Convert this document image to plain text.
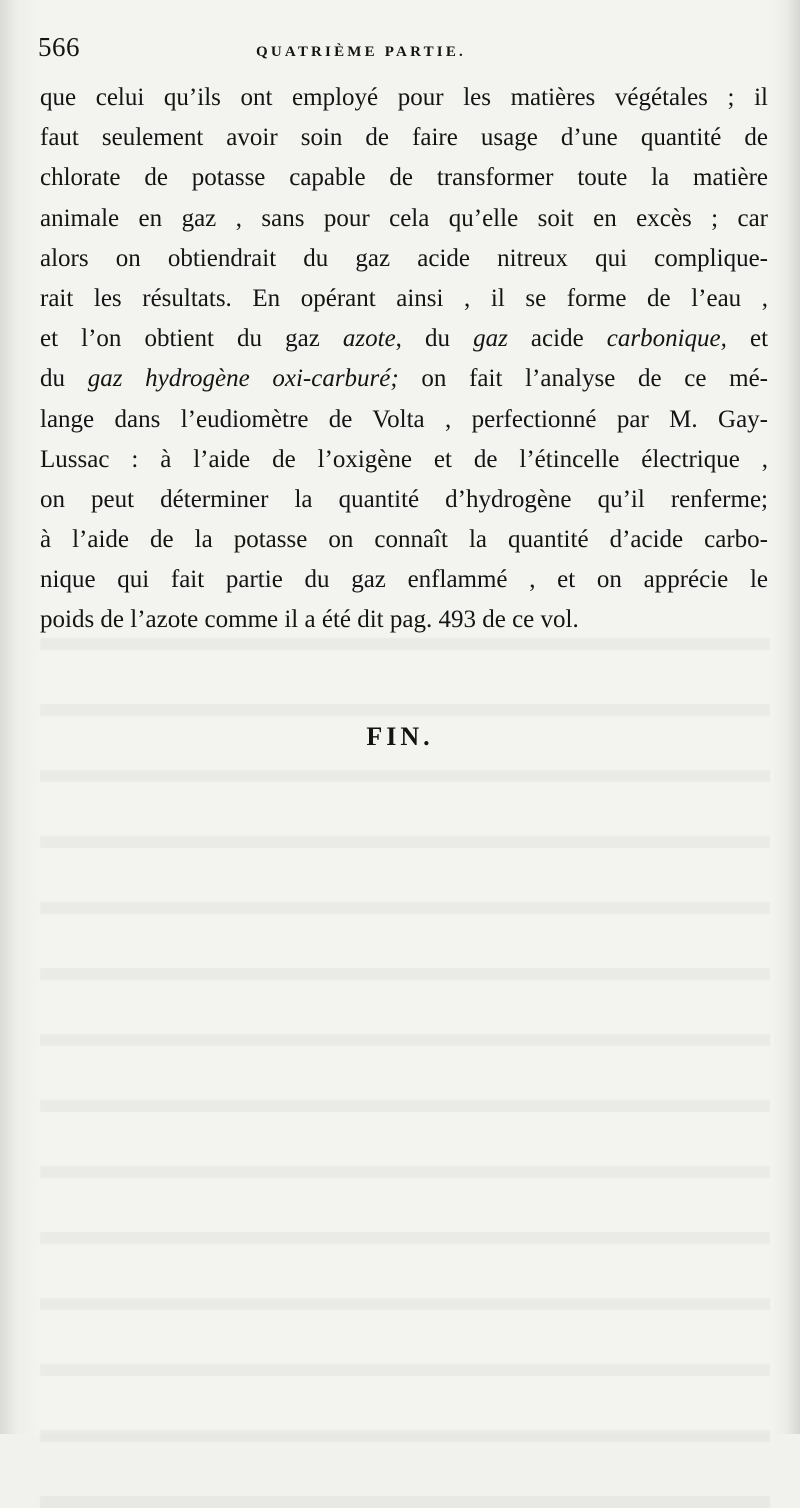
566	QUATRIÈME PARTIE.
que celui qu’ils ont employé pour les matières végétales ; il
faut seulement avoir soin de faire usage d’une quantité de
chlorate de potasse capable de transformer toute la matière
animale en gaz , sans pour cela qu’elle soit en excès ; car
alors on obtiendrait du gaz acide nitreux qui complique-
rait les résultats. En opérant ainsi , il se forme de l’eau ,
et l’on obtient du gaz azote, du gaz acide carbonique, et
du gaz hydrogène oxi-carburé; on fait l’analyse de ce mé-
lange dans l’eudiomètre de Volta , perfectionné par M. Gay-
Lussac : à l’aide de l’oxigène et de l’étincelle électrique ,
on peut déterminer la quantité d’hydrogène qu’il renferme;
à l’aide de la potasse on connaît la quantité d’acide carbo-
nique qui fait partie du gaz enflammé , et on apprécie le
poids de l’azote comme il a été dit pag. 493 de ce vol.
FIN.
